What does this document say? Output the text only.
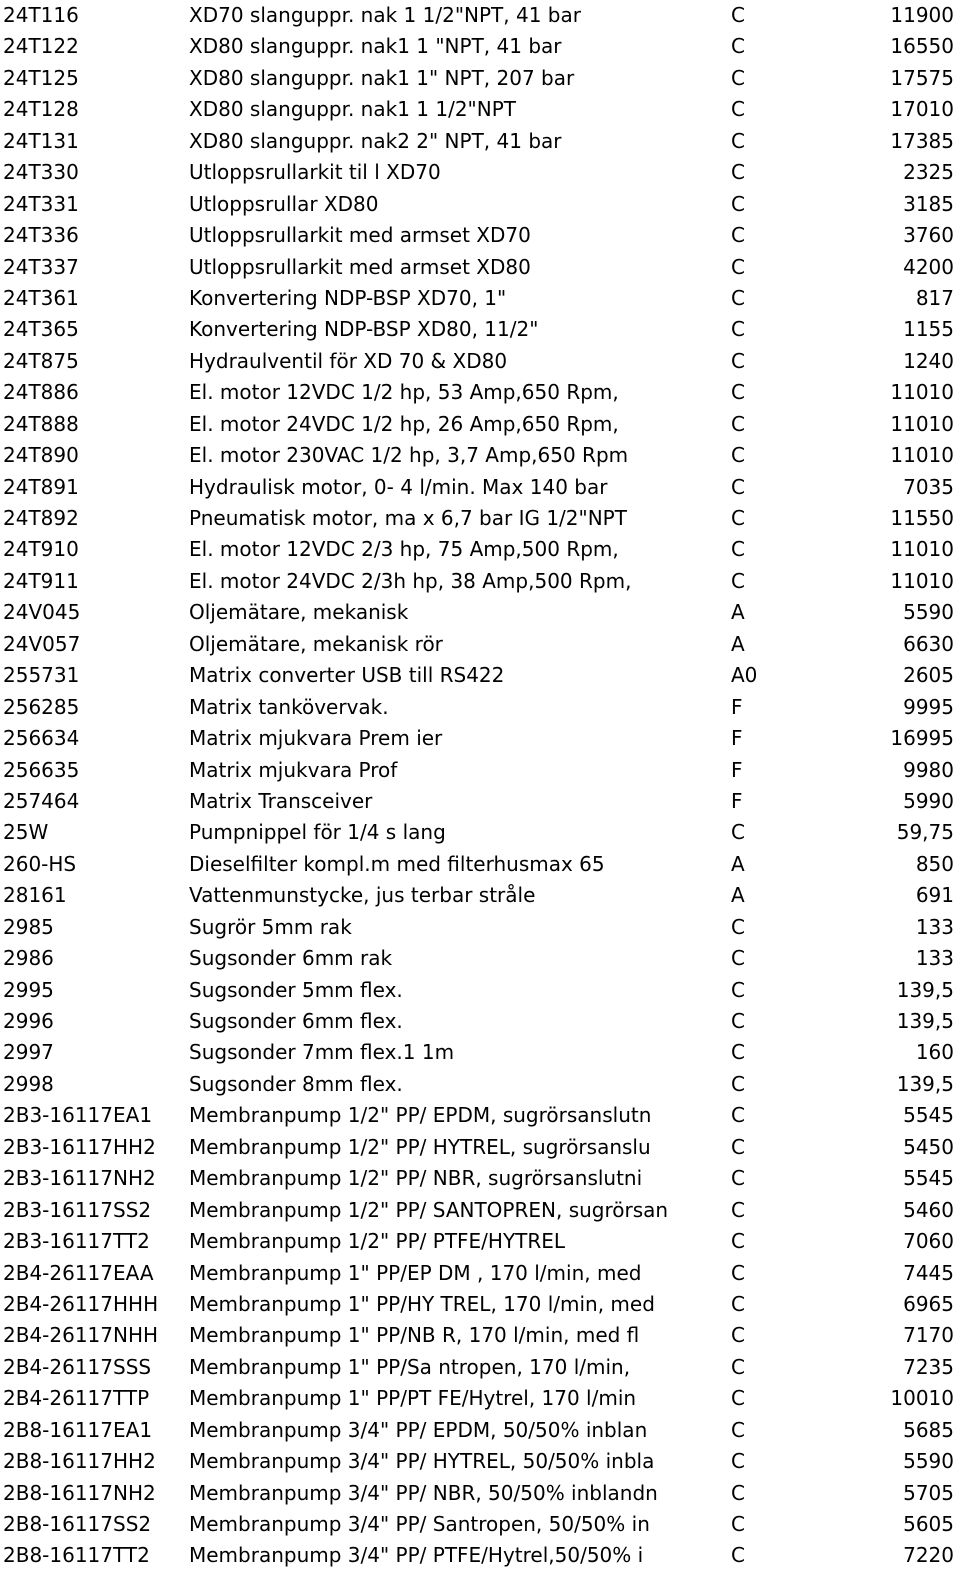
24T116	XD70 slanguppr. nak 1 1/2"NPT, 41 bar	C	11900
24T122	XD80 slanguppr. nak1 1 "NPT, 41 bar	C	16550
24T125	XD80 slanguppr. nak1 1" NPT, 207 bar	C	17575
24T128	XD80 slanguppr. nak1 1 1/2"NPT	C	17010
24T131	XD80 slanguppr. nak2 2" NPT, 41 bar	C	17385
24T330	Utloppsrullarkit til l XD70	C	2325
24T331	Utloppsrullar XD80	C	3185
24T336	Utloppsrullarkit med armset XD70	C	3760
24T337	Utloppsrullarkit med armset XD80	C	4200
24T361	Konvertering NDP-BSP XD70, 1"	C	817
24T365	Konvertering NDP-BSP XD80, 11/2"	C	1155
24T875	Hydraulventil för XD 70 & XD80	C	1240
24T886	El. motor 12VDC 1/2 hp, 53 Amp,650 Rpm,	C	11010
24T888	El. motor 24VDC 1/2 hp, 26 Amp,650 Rpm,	C	11010
24T890	El. motor 230VAC 1/2 hp, 3,7 Amp,650 Rpm	C	11010
24T891	Hydraulisk motor, 0- 4 l/min. Max 140 bar	C	7035
24T892	Pneumatisk motor, ma x 6,7 bar IG 1/2"NPT	C	11550
24T910	El. motor 12VDC 2/3 hp, 75 Amp,500 Rpm,	C	11010
24T911	El. motor 24VDC 2/3h hp, 38 Amp,500 Rpm,	C	11010
24V045	Oljemätare, mekanisk	A	5590
24V057	Oljemätare, mekanisk rör	A	6630
255731	Matrix converter USB till RS422	A0	2605
256285	Matrix tankövervak.	F	9995
256634	Matrix mjukvara Prem ier	F	16995
256635	Matrix mjukvara Prof	F	9980
257464	Matrix Transceiver	F	5990
25W	Pumpnippel för 1/4 s lang	C	59,75
260-HS	Dieselfilter kompl.m med filterhusmax 65	A	850
28161	Vattenmunstycke, jus terbar stråle	A	691
2985	Sugrör 5mm rak	C	133
2986	Sugsonder 6mm rak	C	133
2995	Sugsonder 5mm flex.	C	139,5
2996	Sugsonder 6mm flex.	C	139,5
2997	Sugsonder 7mm flex.1 1m	C	160
2998	Sugsonder 8mm flex.	C	139,5
2B3-16117EA1	Membranpump 1/2" PP/ EPDM, sugrörsanslutn	C	5545
2B3-16117HH2	Membranpump 1/2" PP/ HYTREL, sugrörsanslu	C	5450
2B3-16117NH2	Membranpump 1/2" PP/ NBR, sugrörsanslutni	C	5545
2B3-16117SS2	Membranpump 1/2" PP/ SANTOPREN, sugrörsan	C	5460
2B3-16117TT2	Membranpump 1/2" PP/ PTFE/HYTREL	C	7060
2B4-26117EAA	Membranpump 1" PP/EP DM , 170 l/min, med	C	7445
2B4-26117HHH	Membranpump 1" PP/HY TREL, 170 l/min, med	C	6965
2B4-26117NHH	Membranpump 1" PP/NB R, 170 l/min, med fl	C	7170
2B4-26117SSS	Membranpump 1" PP/Sa ntropen, 170 l/min,	C	7235
2B4-26117TTP	Membranpump 1" PP/PT FE/Hytrel, 170 l/min	C	10010
2B8-16117EA1	Membranpump 3/4" PP/ EPDM, 50/50% inblan	C	5685
2B8-16117HH2	Membranpump 3/4" PP/ HYTREL, 50/50% inbla	C	5590
2B8-16117NH2	Membranpump 3/4" PP/ NBR, 50/50% inblandn	C	5705
2B8-16117SS2	Membranpump 3/4" PP/ Santropen, 50/50% in	C	5605
2B8-16117TT2	Membranpump 3/4" PP/ PTFE/Hytrel,50/50% i	C	7220
